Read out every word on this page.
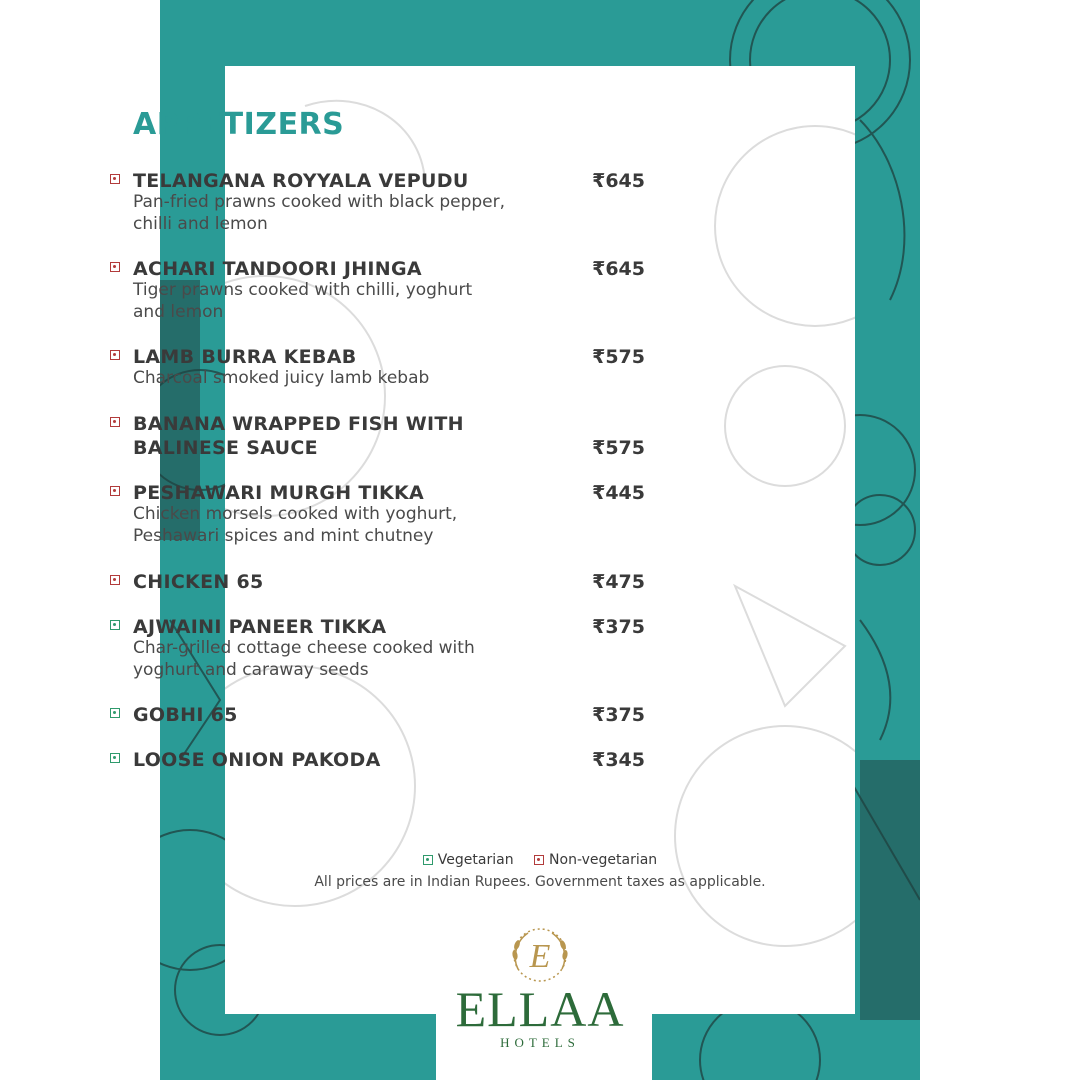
APPETIZERS
TELANGANA ROYYALA VEPUDU	₹645
Pan-fried prawns cooked with black pepper,
chilli and lemon
ACHARI TANDOORI JHINGA	₹645
Tiger prawns cooked with chilli, yoghurt
and lemon
LAMB BURRA KEBAB	₹575
Charcoal smoked juicy lamb kebab
BANANA WRAPPED FISH WITH BALINESE SAUCE	₹575
PESHAWARI MURGH TIKKA	₹445
Chicken morsels cooked with yoghurt,
Peshawari spices and mint chutney
CHICKEN 65	₹475
AJWAINI PANEER TIKKA	₹375
Char-grilled cottage cheese cooked with
yoghurt and caraway seeds
GOBHI 65	₹375
LOOSE ONION PAKODA	₹345
Vegetarian
	Non-vegetarian
All prices are in Indian Rupees. Government taxes as applicable.
E
ELLAA
HOTELS
